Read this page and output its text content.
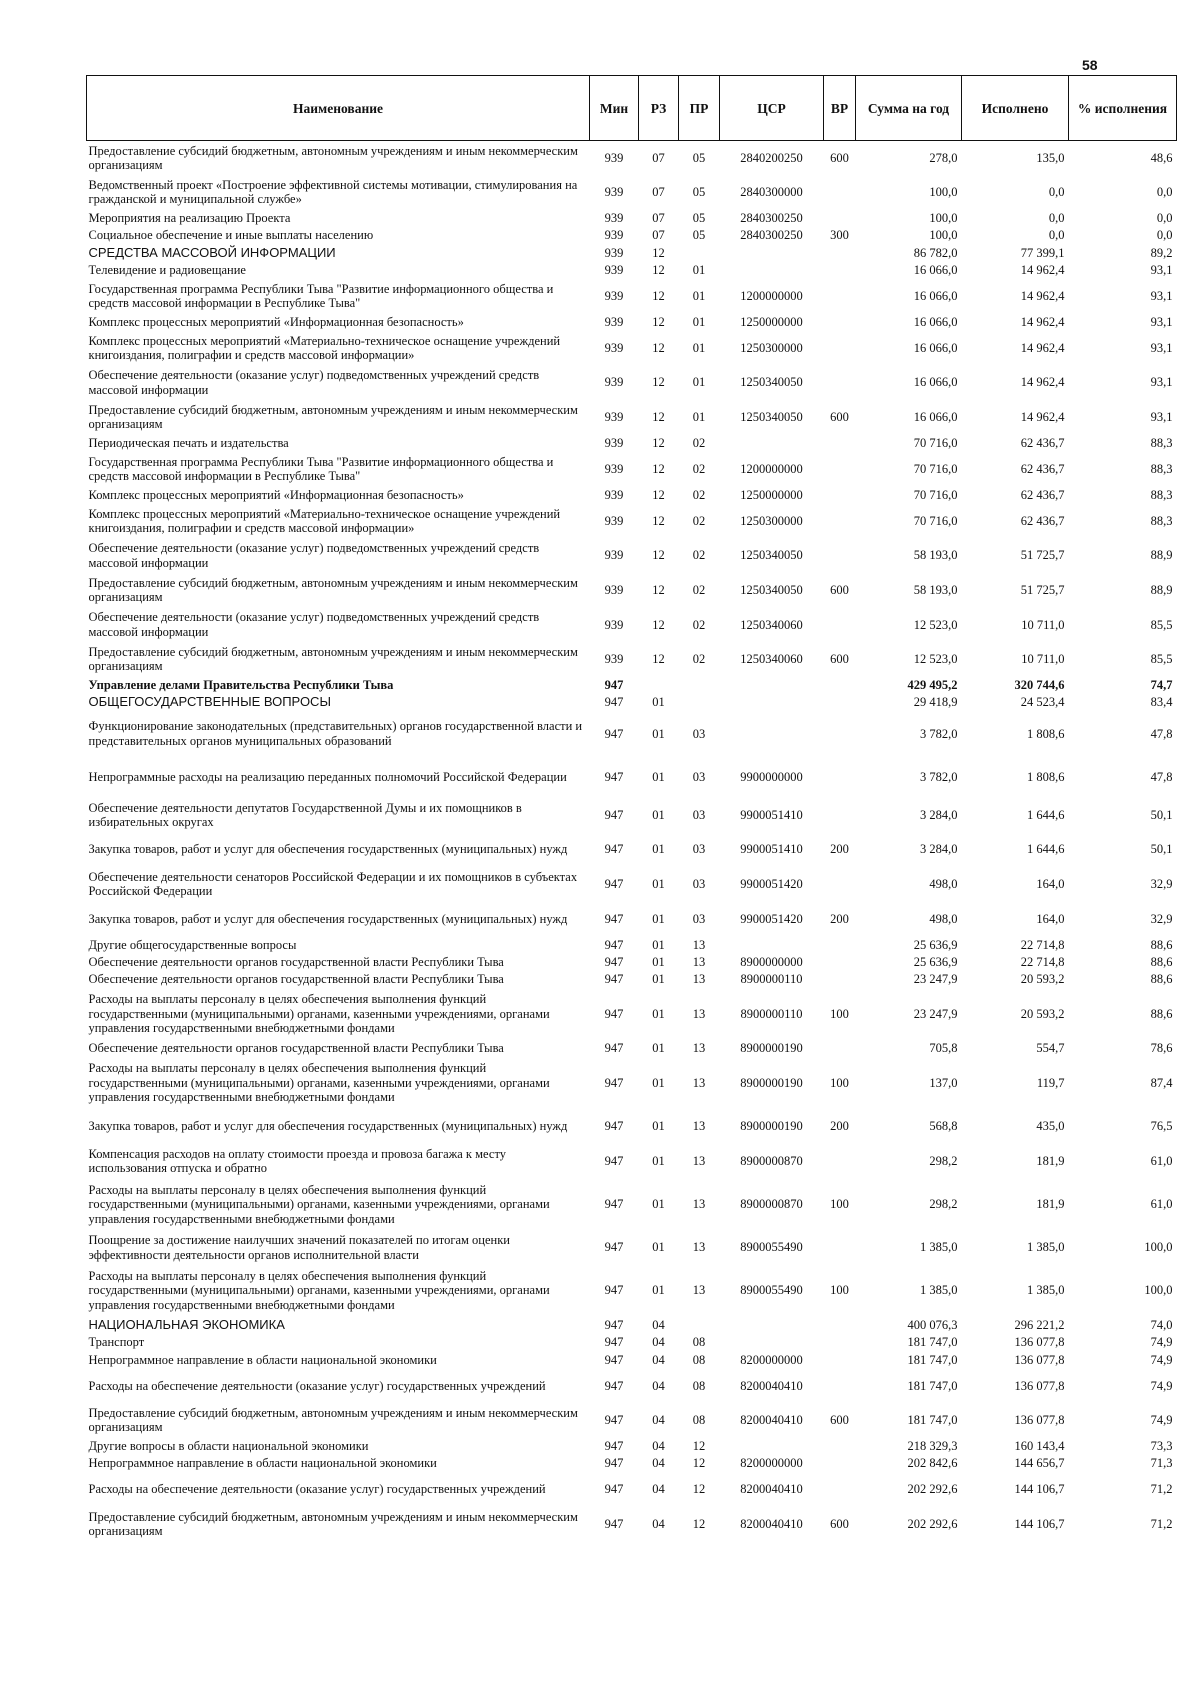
58
Наименование	Мин	РЗ	ПР	ЦСР	ВР	Сумма на год	Исполнено	% исполнения
Предоставление субсидий бюджетным, автономным учреждениям и иным некоммерческим организациям	939	07	05	2840200250	600	278,0	135,0	48,6
Ведомственный проект «Построение эффективной системы мотивации, стимулирования на гражданской и муниципальной службе»	939	07	05	2840300000		100,0	0,0	0,0
Мероприятия на реализацию Проекта	939	07	05	2840300250		100,0	0,0	0,0
Социальное обеспечение и иные выплаты населению	939	07	05	2840300250	300	100,0	0,0	0,0
СРЕДСТВА МАССОВОЙ ИНФОРМАЦИИ	939	12				86 782,0	77 399,1	89,2
Телевидение и радиовещание	939	12	01			16 066,0	14 962,4	93,1
Государственная программа Республики Тыва "Развитие информационного общества и средств массовой информации в Республике Тыва"	939	12	01	1200000000		16 066,0	14 962,4	93,1
Комплекс процессных мероприятий «Информационная безопасность»	939	12	01	1250000000		16 066,0	14 962,4	93,1
Комплекс процессных мероприятий «Материально-техническое оснащение учреждений книгоиздания, полиграфии и средств массовой информации»	939	12	01	1250300000		16 066,0	14 962,4	93,1
Обеспечение деятельности (оказание услуг) подведомственных учреждений средств массовой информации	939	12	01	1250340050		16 066,0	14 962,4	93,1
Предоставление субсидий бюджетным, автономным учреждениям и иным некоммерческим организациям	939	12	01	1250340050	600	16 066,0	14 962,4	93,1
Периодическая печать и издательства	939	12	02			70 716,0	62 436,7	88,3
Государственная программа Республики Тыва "Развитие информационного общества и средств массовой информации в Республике Тыва"	939	12	02	1200000000		70 716,0	62 436,7	88,3
Комплекс процессных мероприятий «Информационная безопасность»	939	12	02	1250000000		70 716,0	62 436,7	88,3
Комплекс процессных мероприятий «Материально-техническое оснащение учреждений книгоиздания, полиграфии и средств массовой информации»	939	12	02	1250300000		70 716,0	62 436,7	88,3
Обеспечение деятельности (оказание услуг) подведомственных учреждений средств массовой информации	939	12	02	1250340050		58 193,0	51 725,7	88,9
Предоставление субсидий бюджетным, автономным учреждениям и иным некоммерческим организациям	939	12	02	1250340050	600	58 193,0	51 725,7	88,9
Обеспечение деятельности (оказание услуг) подведомственных учреждений средств массовой информации	939	12	02	1250340060		12 523,0	10 711,0	85,5
Предоставление субсидий бюджетным, автономным учреждениям и иным некоммерческим организациям	939	12	02	1250340060	600	12 523,0	10 711,0	85,5
Управление делами Правительства Республики Тыва	947					429 495,2	320 744,6	74,7
ОБЩЕГОСУДАРСТВЕННЫЕ ВОПРОСЫ	947	01				29 418,9	24 523,4	83,4
Функционирование законодательных (представительных) органов государственной власти и представительных органов муниципальных образований	947	01	03			3 782,0	1 808,6	47,8
Непрограммные расходы на реализацию переданных полномочий Российской Федерации	947	01	03	9900000000		3 782,0	1 808,6	47,8
Обеспечение деятельности депутатов Государственной Думы и их помощников в избирательных округах	947	01	03	9900051410		3 284,0	1 644,6	50,1
Закупка товаров, работ и услуг для обеспечения государственных (муниципальных) нужд	947	01	03	9900051410	200	3 284,0	1 644,6	50,1
Обеспечение деятельности сенаторов Российской Федерации и их помощников в субъектах Российской Федерации	947	01	03	9900051420		498,0	164,0	32,9
Закупка товаров, работ и услуг для обеспечения государственных (муниципальных) нужд	947	01	03	9900051420	200	498,0	164,0	32,9
Другие общегосударственные вопросы	947	01	13			25 636,9	22 714,8	88,6
Обеспечение деятельности органов государственной власти Республики Тыва	947	01	13	8900000000		25 636,9	22 714,8	88,6
Обеспечение деятельности органов государственной власти Республики Тыва	947	01	13	8900000110		23 247,9	20 593,2	88,6
Расходы на выплаты персоналу в целях обеспечения выполнения функций государственными (муниципальными) органами, казенными учреждениями, органами управления государственными внебюджетными фондами	947	01	13	8900000110	100	23 247,9	20 593,2	88,6
Обеспечение деятельности органов государственной власти Республики Тыва	947	01	13	8900000190		705,8	554,7	78,6
Расходы на выплаты персоналу в целях обеспечения выполнения функций государственными (муниципальными) органами, казенными учреждениями, органами управления государственными внебюджетными фондами	947	01	13	8900000190	100	137,0	119,7	87,4
Закупка товаров, работ и услуг для обеспечения государственных (муниципальных) нужд	947	01	13	8900000190	200	568,8	435,0	76,5
Компенсация расходов на оплату стоимости проезда и провоза багажа к месту использования отпуска и обратно	947	01	13	8900000870		298,2	181,9	61,0
Расходы на выплаты персоналу в целях обеспечения выполнения функций государственными (муниципальными) органами, казенными учреждениями, органами управления государственными внебюджетными фондами	947	01	13	8900000870	100	298,2	181,9	61,0
Поощрение за достижение наилучших значений показателей по итогам оценки эффективности деятельности органов исполнительной власти	947	01	13	8900055490		1 385,0	1 385,0	100,0
Расходы на выплаты персоналу в целях обеспечения выполнения функций государственными (муниципальными) органами, казенными учреждениями, органами управления государственными внебюджетными фондами	947	01	13	8900055490	100	1 385,0	1 385,0	100,0
НАЦИОНАЛЬНАЯ ЭКОНОМИКА	947	04				400 076,3	296 221,2	74,0
Транспорт	947	04	08			181 747,0	136 077,8	74,9
Непрограммное направление в области национальной экономики	947	04	08	8200000000		181 747,0	136 077,8	74,9
Расходы на обеспечение деятельности (оказание услуг) государственных учреждений	947	04	08	8200040410		181 747,0	136 077,8	74,9
Предоставление субсидий бюджетным, автономным учреждениям и иным некоммерческим организациям	947	04	08	8200040410	600	181 747,0	136 077,8	74,9
Другие вопросы в области национальной экономики	947	04	12			218 329,3	160 143,4	73,3
Непрограммное направление в области национальной экономики	947	04	12	8200000000		202 842,6	144 656,7	71,3
Расходы на обеспечение деятельности (оказание услуг) государственных учреждений	947	04	12	8200040410		202 292,6	144 106,7	71,2
Предоставление субсидий бюджетным, автономным учреждениям и иным некоммерческим организациям	947	04	12	8200040410	600	202 292,6	144 106,7	71,2
